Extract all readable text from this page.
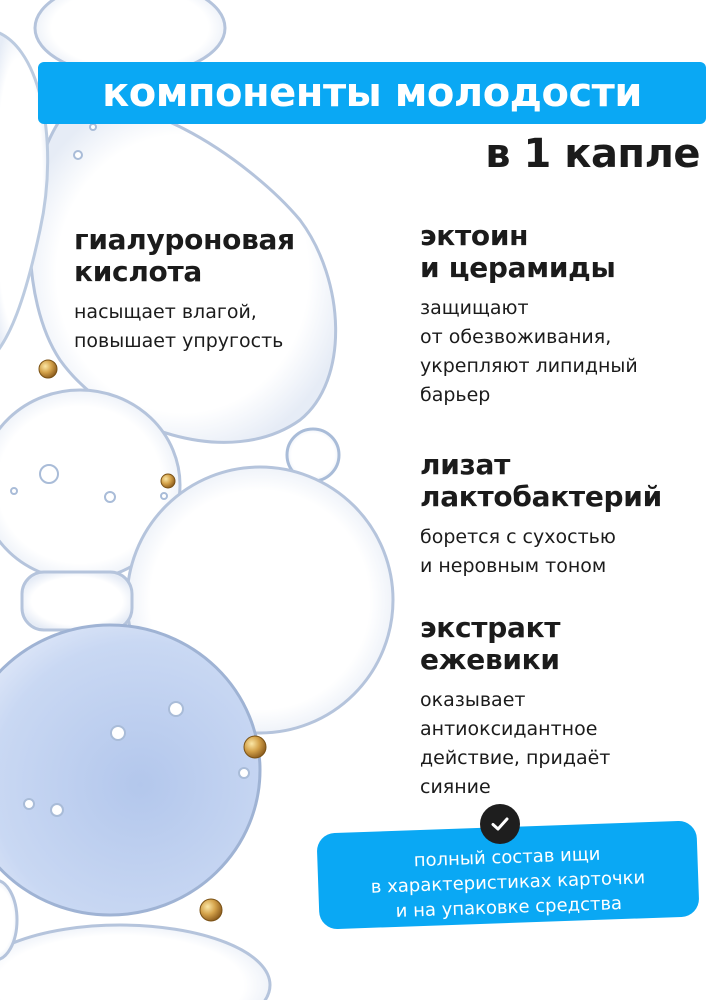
компоненты молодости
в 1 капле

гиалуроновая
кислота

насыщает влагой,
повышает упругость

эктоин
и церамиды

защищают
от обезвоживания,
укрепляют липидный
барьер

лизат
лактобактерий

борется с сухостью
и неровным тоном

экстракт
ежевики

оказывает
антиоксидантное
действие, придаёт
сияние

полный состав ищи
в характеристиках карточки
и на упаковке средства
